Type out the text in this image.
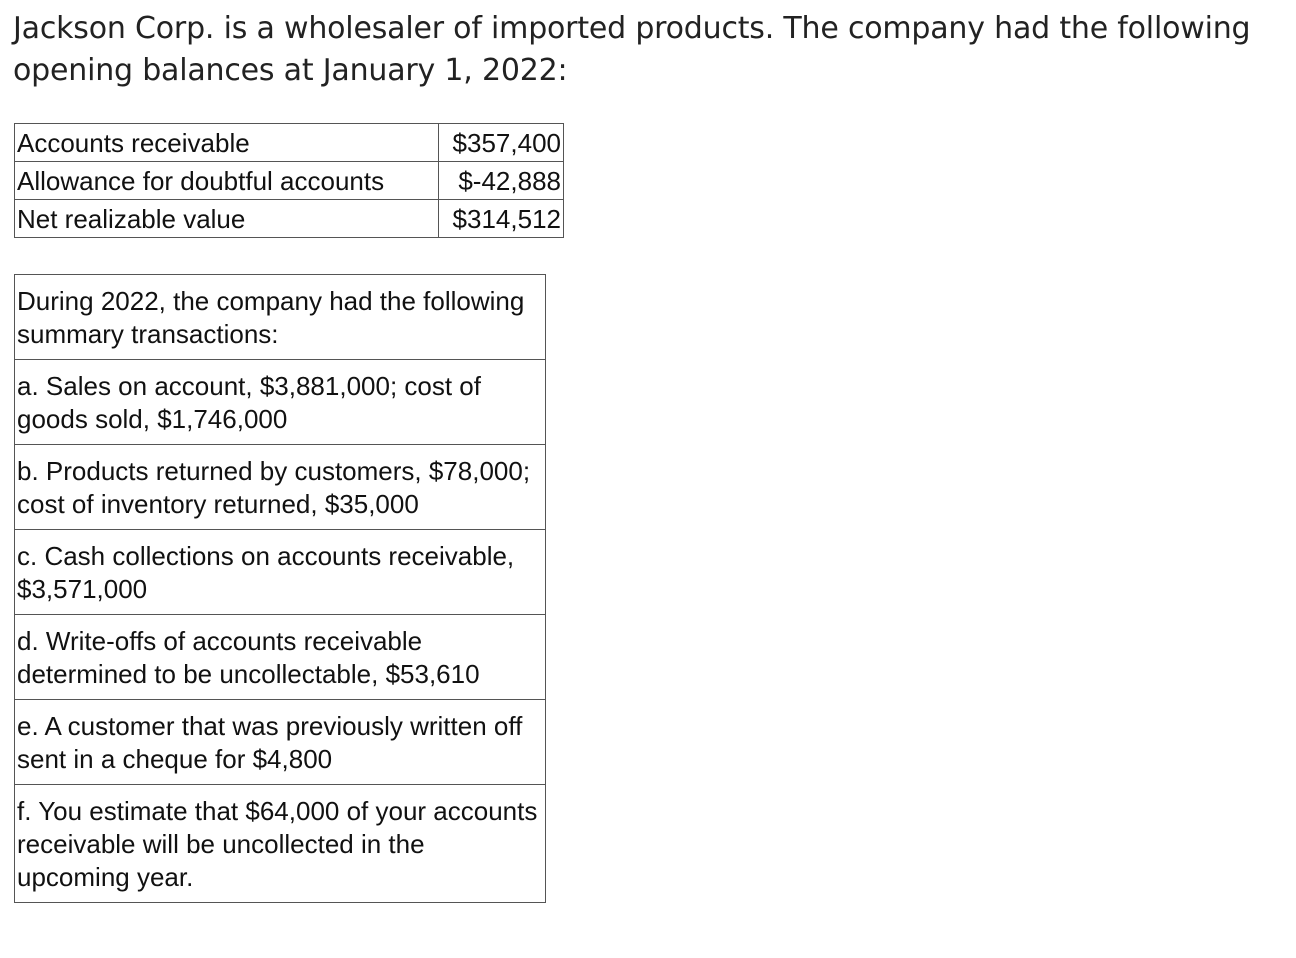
Jackson Corp. is a wholesaler of imported products. The company had the following opening balances at January 1, 2022:
Accounts receivable	$357,400
Allowance for doubtful accounts	$-42,888
Net realizable value	$314,512
During 2022, the company had the following summary transactions:
a. Sales on account, $3,881,000; cost of goods sold, $1,746,000
b. Products returned by customers, $78,000; cost of inventory returned, $35,000
c. Cash collections on accounts receivable, $3,571,000
d. Write-offs of accounts receivable determined to be uncollectable, $53,610
e. A customer that was previously written off sent in a cheque for $4,800
f. You estimate that $64,000 of your accounts receivable will be uncollected in the upcoming year.
